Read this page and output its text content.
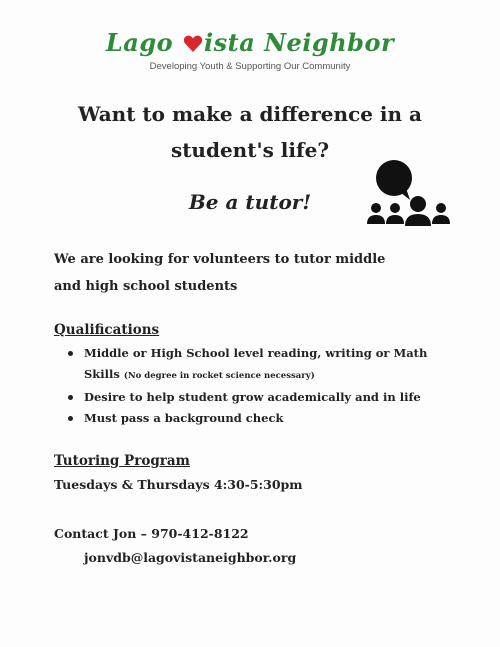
Lago ista Neighbor
Developing Youth & Supporting Our Community
Want to make a difference in a
student's life?
Be a tutor!
We are looking for volunteers to tutor middle
and high school students
Qualifications
Middle or High School level reading, writing or Math Skills (No degree in rocket science necessary)
Desire to help student grow academically and in life
Must pass a background check
Tutoring Program
Tuesdays & Thursdays 4:30-5:30pm
Contact Jon – 970-412-8122
jonvdb@lagovistaneighbor.org
